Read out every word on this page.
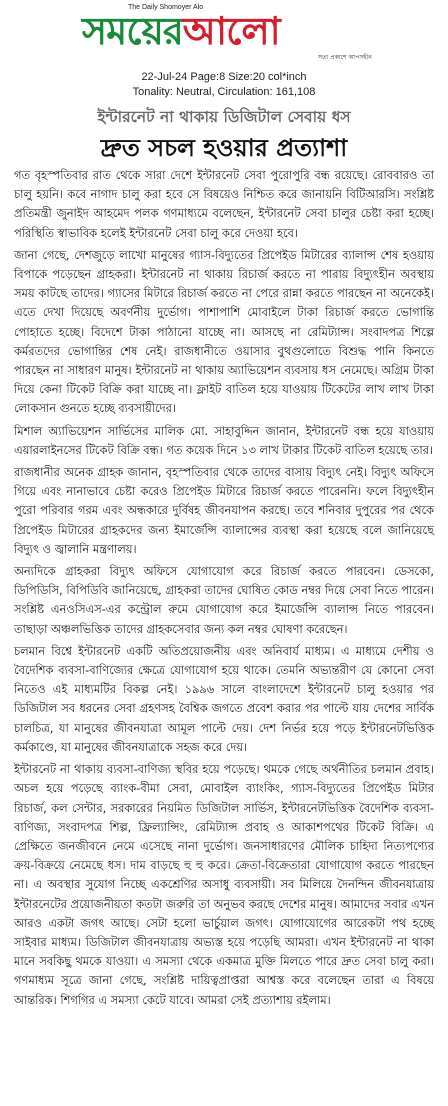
The Daily Shomoyer Alo
সময়েরআলো
সত্য প্রকাশে আপসহীন
22-Jul-24 Page:8 Size:20 col*inch
Tonality: Neutral, Circulation: 161,108
ইন্টারনেট না থাকায় ডিজিটাল সেবায় ধস
দ্রুত সচল হওয়ার প্রত্যাশা

গত বৃহস্পতিবার রাত থেকে সারা দেশে ইন্টারনেট সেবা পুরোপুরি বন্ধ রয়েছে। রোববারও তা চালু হয়নি। কবে নাগাদ চালু করা হবে সে বিষয়েও নিশ্চিত করে জানায়নি বিটিআরসি। সংশ্লিষ্ট প্রতিমন্ত্রী জুনাইদ আহমেদ পলক গণমাধ্যমে বলেছেন, ইন্টারনেট সেবা চালুর চেষ্টা করা হচ্ছে। পরিস্থিতি স্বাভাবিক হলেই ইন্টারনেট সেবা চালু করে দেওয়া হবে।

জানা গেছে, দেশজুড়ে লাখো মানুষের গ্যাস-বিদ্যুতের প্রিপেইড মিটারের ব্যালান্স শেষ হওয়ায় বিপাকে পড়েছেন গ্রাহকরা। ইন্টারনেট না থাকায় রিচার্জ করতে না পারায় বিদ্যুৎহীন অবস্থায় সময় কাটছে তাদের। গ্যাসের মিটারে রিচার্জ করতে না পেরে রান্না করতে পারছেন না অনেকেই। এতে দেখা দিয়েছে অবর্ণনীয় দুর্ভোগ। পাশাপাশি মোবাইলে টাকা রিচার্জ করতে ভোগান্তি পোহাতে হচ্ছে। বিদেশে টাকা পাঠানো যাচ্ছে না। আসছে না রেমিট্যান্স। সংবাদপত্র শিল্পে কর্মরতদের ভোগান্তির শেষ নেই। রাজধানীতে ওয়াসার বুথগুলোতে বিশুদ্ধ পানি কিনতে পারছেন না সাধারণ মানুষ। ইন্টারনেট না থাকায় অ্যাভিয়েশন ব্যবসায় ধস নেমেছে। অগ্রিম টাকা দিয়ে কেনা টিকেট বিক্রি করা যাচ্ছে না। ফ্লাইট বাতিল হয়ে যাওয়ায় টিকেটের লাখ লাখ টাকা লোকসান গুনতে হচ্ছে ব্যবসায়ীদের।

মিশাল অ্যাভিয়েশন সার্ভিসের মালিক মো. সাহাবুদ্দিন জানান, ইন্টারনেট বন্ধ হয়ে যাওয়ায় এয়ারলাইনসের টিকেট বিক্রি বন্ধ। গত কয়েক দিনে ১৩ লাখ টাকার টিকেট বাতিল হয়েছে তার।

রাজধানীর অনেক গ্রাহক জানান, বৃহস্পতিবার থেকে তাদের বাসায় বিদ্যুৎ নেই। বিদ্যুৎ অফিসে গিয়ে এবং নানাভাবে চেষ্টা করেও প্রিপেইড মিটারে রিচার্জ করতে পারেননি। ফলে বিদ্যুৎহীন পুরো পরিবার গরম এবং অন্ধকারে দুর্বিষহ জীবনযাপন করছে। তবে শনিবার দুপুরের পর থেকে প্রিপেইড মিটারের গ্রাহকদের জন্য ইমার্জেন্সি ব্যালান্সের ব্যবস্থা করা হয়েছে বলে জানিয়েছে বিদ্যুৎ ও জ্বালানি মন্ত্রণালয়।

অন্যদিকে গ্রাহকরা বিদ্যুৎ অফিসে যোগাযোগ করে রিচার্জ করতে পারবেন। ডেসকো, ডিপিডিসি, বিপিডিবি জানিয়েছে, গ্রাহকরা তাদের ঘোষিত কোড নম্বর দিয়ে সেবা নিতে পারেন। সংশ্লিষ্ট এনওসিএস-এর কন্ট্রোল রুমে যোগাযোগ করে ইমার্জেন্সি ব্যালান্স নিতে পারবেন। তাছাড়া অঞ্চলভিত্তিক তাদের গ্রাহকসেবার জন্য কল নম্বর ঘোষণা করেছেন।

চলমান বিশ্বে ইন্টারনেট একটি অতিপ্রয়োজনীয় এবং অনিবার্য মাধ্যম। এ মাধ্যমে দেশীয় ও বৈদেশিক ব্যবসা-বাণিজ্যের ক্ষেত্রে যোগাযোগ হয়ে থাকে। তেমনি অভ্যন্তরীণ যে কোনো সেবা নিতেও এই মাধ্যমটির বিকল্প নেই। ১৯৯৬ সালে বাংলাদেশে ইন্টারনেট চালু হওয়ার পর ডিজিটাল সব ধরনের সেবা গ্রহণসহ বৈশ্বিক জগতে প্রবেশ করার পর পাল্টে যায় দেশের সার্বিক চালচিত্র, যা মানুষের জীবনযাত্রা আমূল পাল্টে দেয়। দেশ নির্ভর হয়ে পড়ে ইন্টারনেটভিত্তিক কর্মকাণ্ডে, যা মানুষের জীবনযাত্রাকে সহজ করে দেয়।

ইন্টারনেট না থাকায় ব্যবসা-বাণিজ্য স্থবির হয়ে পড়েছে। থমকে গেছে অর্থনীতির চলমান প্রবাহ। অচল হয়ে পড়েছে ব্যাংক-বীমা সেবা, মোবাইল ব্যাংকিং, গ্যাস-বিদ্যুতের প্রিপেইড মিটার রিচার্জ, কল সেন্টার, সরকারের নিয়মিত ডিজিটাল সার্ভিস, ইন্টারনেটভিত্তিক বৈদেশিক ব্যবসা-বাণিজ্য, সংবাদপত্র শিল্প, ফ্রিল্যান্সিং, রেমিট্যান্স প্রবাহ ও আকাশপথের টিকেট বিক্রি। এ প্রেক্ষিতে জনজীবনে নেমে এসেছে নানা দুর্ভোগ। জনসাধারণের মৌলিক চাহিদা নিত্যপণ্যের ক্রয়-বিক্রয়ে নেমেছে ধস। দাম বাড়ছে হু হু করে। ক্রেতা-বিক্রেতারা যোগাযোগ করতে পারছেন না। এ অবস্থার সুযোগ নিচ্ছে একশ্রেণির অসাধু ব্যবসায়ী। সব মিলিয়ে দৈনন্দিন জীবনযাত্রায় ইন্টারনেটের প্রয়োজনীয়তা কতটা জরুরি তা অনুভব করছে দেশের মানুষ। আমাদের সবার এখন আরও একটা জগৎ আছে। সেটা হলো ভার্চুয়াল জগৎ। যোগাযোগের আরেকটা পথ হচ্ছে সাইবার মাধ্যম। ডিজিটাল জীবনযাত্রায় অভ্যস্ত হয়ে পড়েছি আমরা। এখন ইন্টারনেট না থাকা মানে সবকিছু থমকে যাওয়া। এ সমস্যা থেকে একমাত্র মুক্তি মিলতে পারে দ্রুত সেবা চালু করা। গণমাধ্যম সূত্রে জানা গেছে, সংশ্লিষ্ট দায়িত্বপ্রাপ্তরা আশ্বস্ত করে বলেছেন তারা এ বিষয়ে আন্তরিক। শিগগির এ সমস্যা কেটে যাবে। আমরা সেই প্রত্যাশায় রইলাম।
